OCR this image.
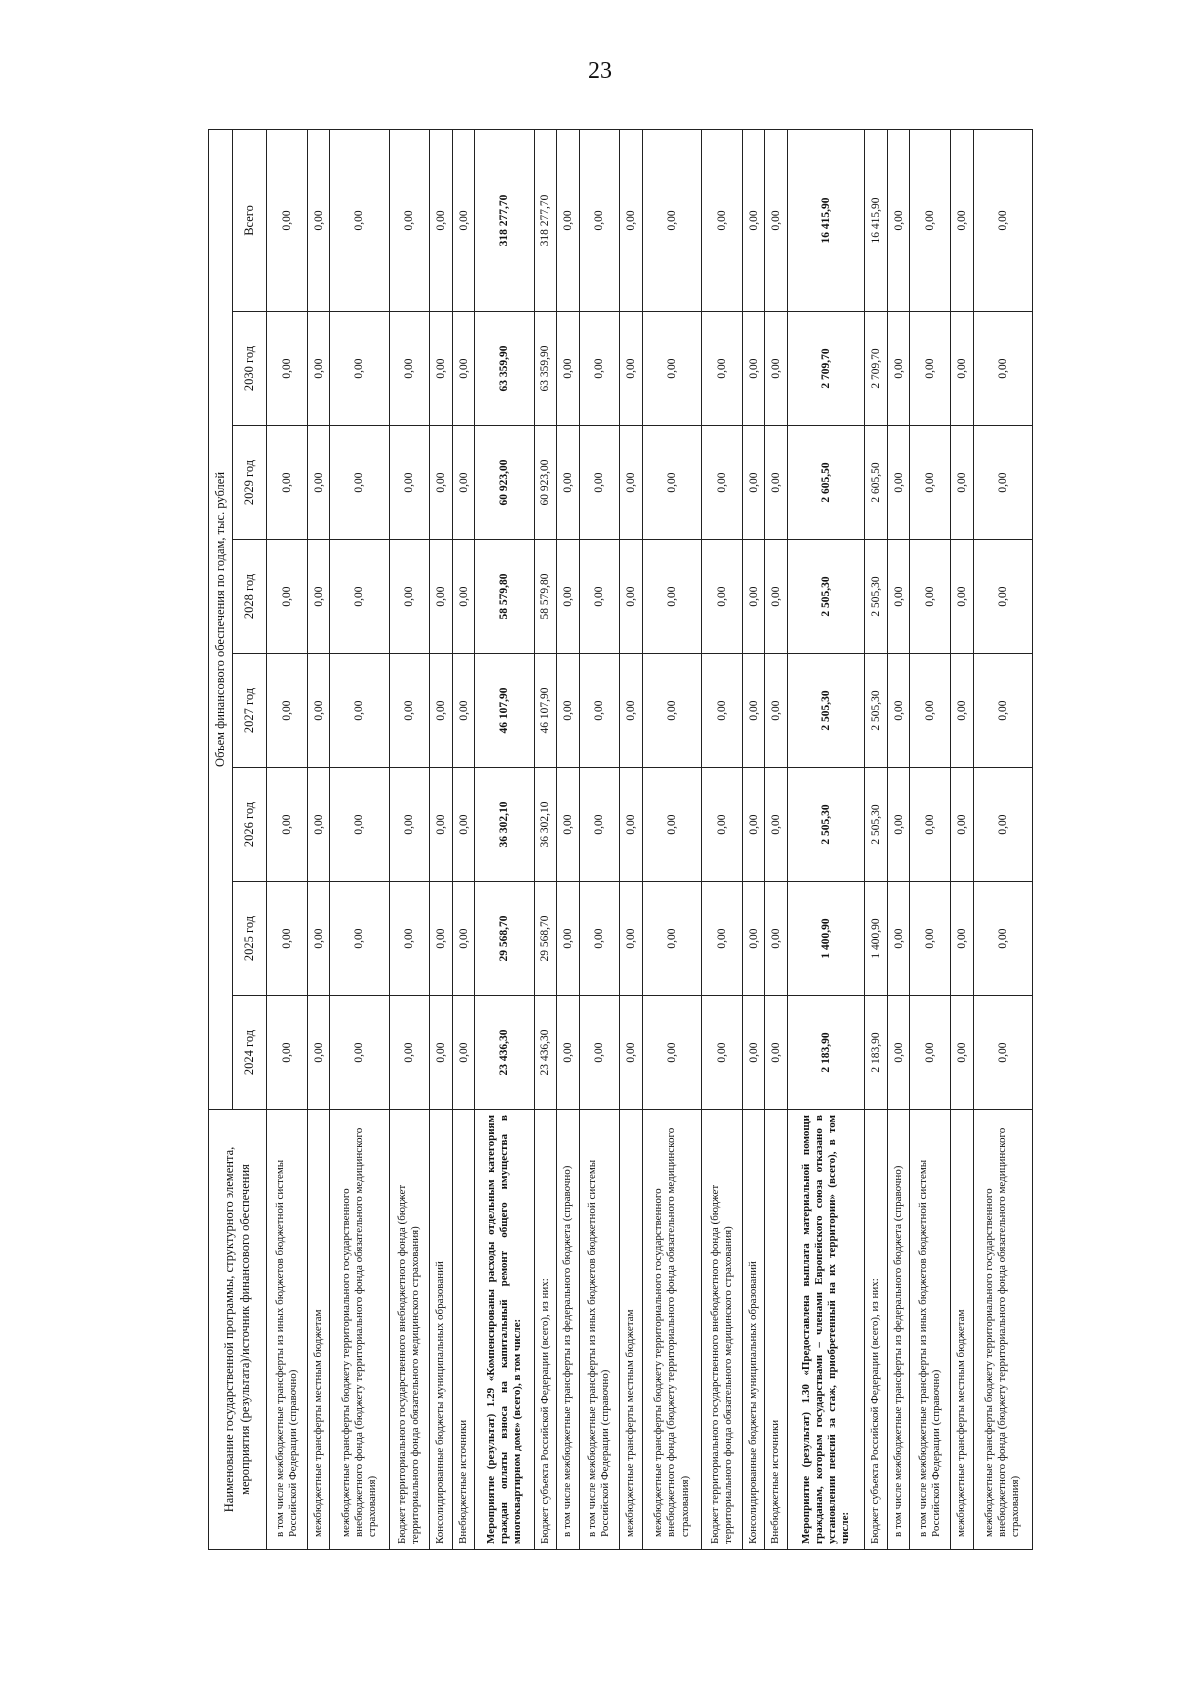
23
Наименование государственной программы, структурного элемента, мероприятия (результата)/источник финансового обеспечения	Объем финансового обеспечения по годам, тыс. рублей							
	2024 год	2025 год	2026 год	2027 год	2028 год	2029 год	2030 год	Всего
в том числе межбюджетные трансферты из иных бюджетов бюджетной системы Российской Федерации (справочно)	0,00	0,00	0,00	0,00	0,00	0,00	0,00	0,00
межбюджетные трансферты местным бюджетам	0,00	0,00	0,00	0,00	0,00	0,00	0,00	0,00
межбюджетные трансферты бюджету территориального государственного внебюджетного фонда (бюджету территориального фонда обязательного медицинского страхования)	0,00	0,00	0,00	0,00	0,00	0,00	0,00	0,00
Бюджет территориального государственного внебюджетного фонда (бюджет территориального фонда обязательного медицинского страхования)	0,00	0,00	0,00	0,00	0,00	0,00	0,00	0,00
Консолидированные бюджеты муниципальных образований	0,00	0,00	0,00	0,00	0,00	0,00	0,00	0,00
Внебюджетные источники	0,00	0,00	0,00	0,00	0,00	0,00	0,00	0,00
Мероприятие (результат) 1.29 «Компенсированы расходы отдельным категориям граждан оплаты взноса на капитальный ремонт общего имущества в многоквартирном доме» (всего), в том числе:	23 436,30	29 568,70	36 302,10	46 107,90	58 579,80	60 923,00	63 359,90	318 277,70
Бюджет субъекта Российской Федерации (всего), из них:	23 436,30	29 568,70	36 302,10	46 107,90	58 579,80	60 923,00	63 359,90	318 277,70
в том числе межбюджетные трансферты из федерального бюджета (справочно)	0,00	0,00	0,00	0,00	0,00	0,00	0,00	0,00
в том числе межбюджетные трансферты из иных бюджетов бюджетной системы Российской Федерации (справочно)	0,00	0,00	0,00	0,00	0,00	0,00	0,00	0,00
межбюджетные трансферты местным бюджетам	0,00	0,00	0,00	0,00	0,00	0,00	0,00	0,00
межбюджетные трансферты бюджету территориального государственного внебюджетного фонда (бюджету территориального фонда обязательного медицинского страхования)	0,00	0,00	0,00	0,00	0,00	0,00	0,00	0,00
Бюджет территориального государственного внебюджетного фонда (бюджет территориального фонда обязательного медицинского страхования)	0,00	0,00	0,00	0,00	0,00	0,00	0,00	0,00
Консолидированные бюджеты муниципальных образований	0,00	0,00	0,00	0,00	0,00	0,00	0,00	0,00
Внебюджетные источники	0,00	0,00	0,00	0,00	0,00	0,00	0,00	0,00
Мероприятие (результат) 1.30 «Предоставлена выплата материальной помощи гражданам, которым государствами – членами Европейского союза отказано в установлении пенсий за стаж, приобретенный на их территории» (всего), в том числе:	2 183,90	1 400,90	2 505,30	2 505,30	2 505,30	2 605,50	2 709,70	16 415,90
Бюджет субъекта Российской Федерации (всего), из них:	2 183,90	1 400,90	2 505,30	2 505,30	2 505,30	2 605,50	2 709,70	16 415,90
в том числе межбюджетные трансферты из федерального бюджета (справочно)	0,00	0,00	0,00	0,00	0,00	0,00	0,00	0,00
в том числе межбюджетные трансферты из иных бюджетов бюджетной системы Российской Федерации (справочно)	0,00	0,00	0,00	0,00	0,00	0,00	0,00	0,00
межбюджетные трансферты местным бюджетам	0,00	0,00	0,00	0,00	0,00	0,00	0,00	0,00
межбюджетные трансферты бюджету территориального государственного внебюджетного фонда (бюджету территориального фонда обязательного медицинского страхования)	0,00	0,00	0,00	0,00	0,00	0,00	0,00	0,00
